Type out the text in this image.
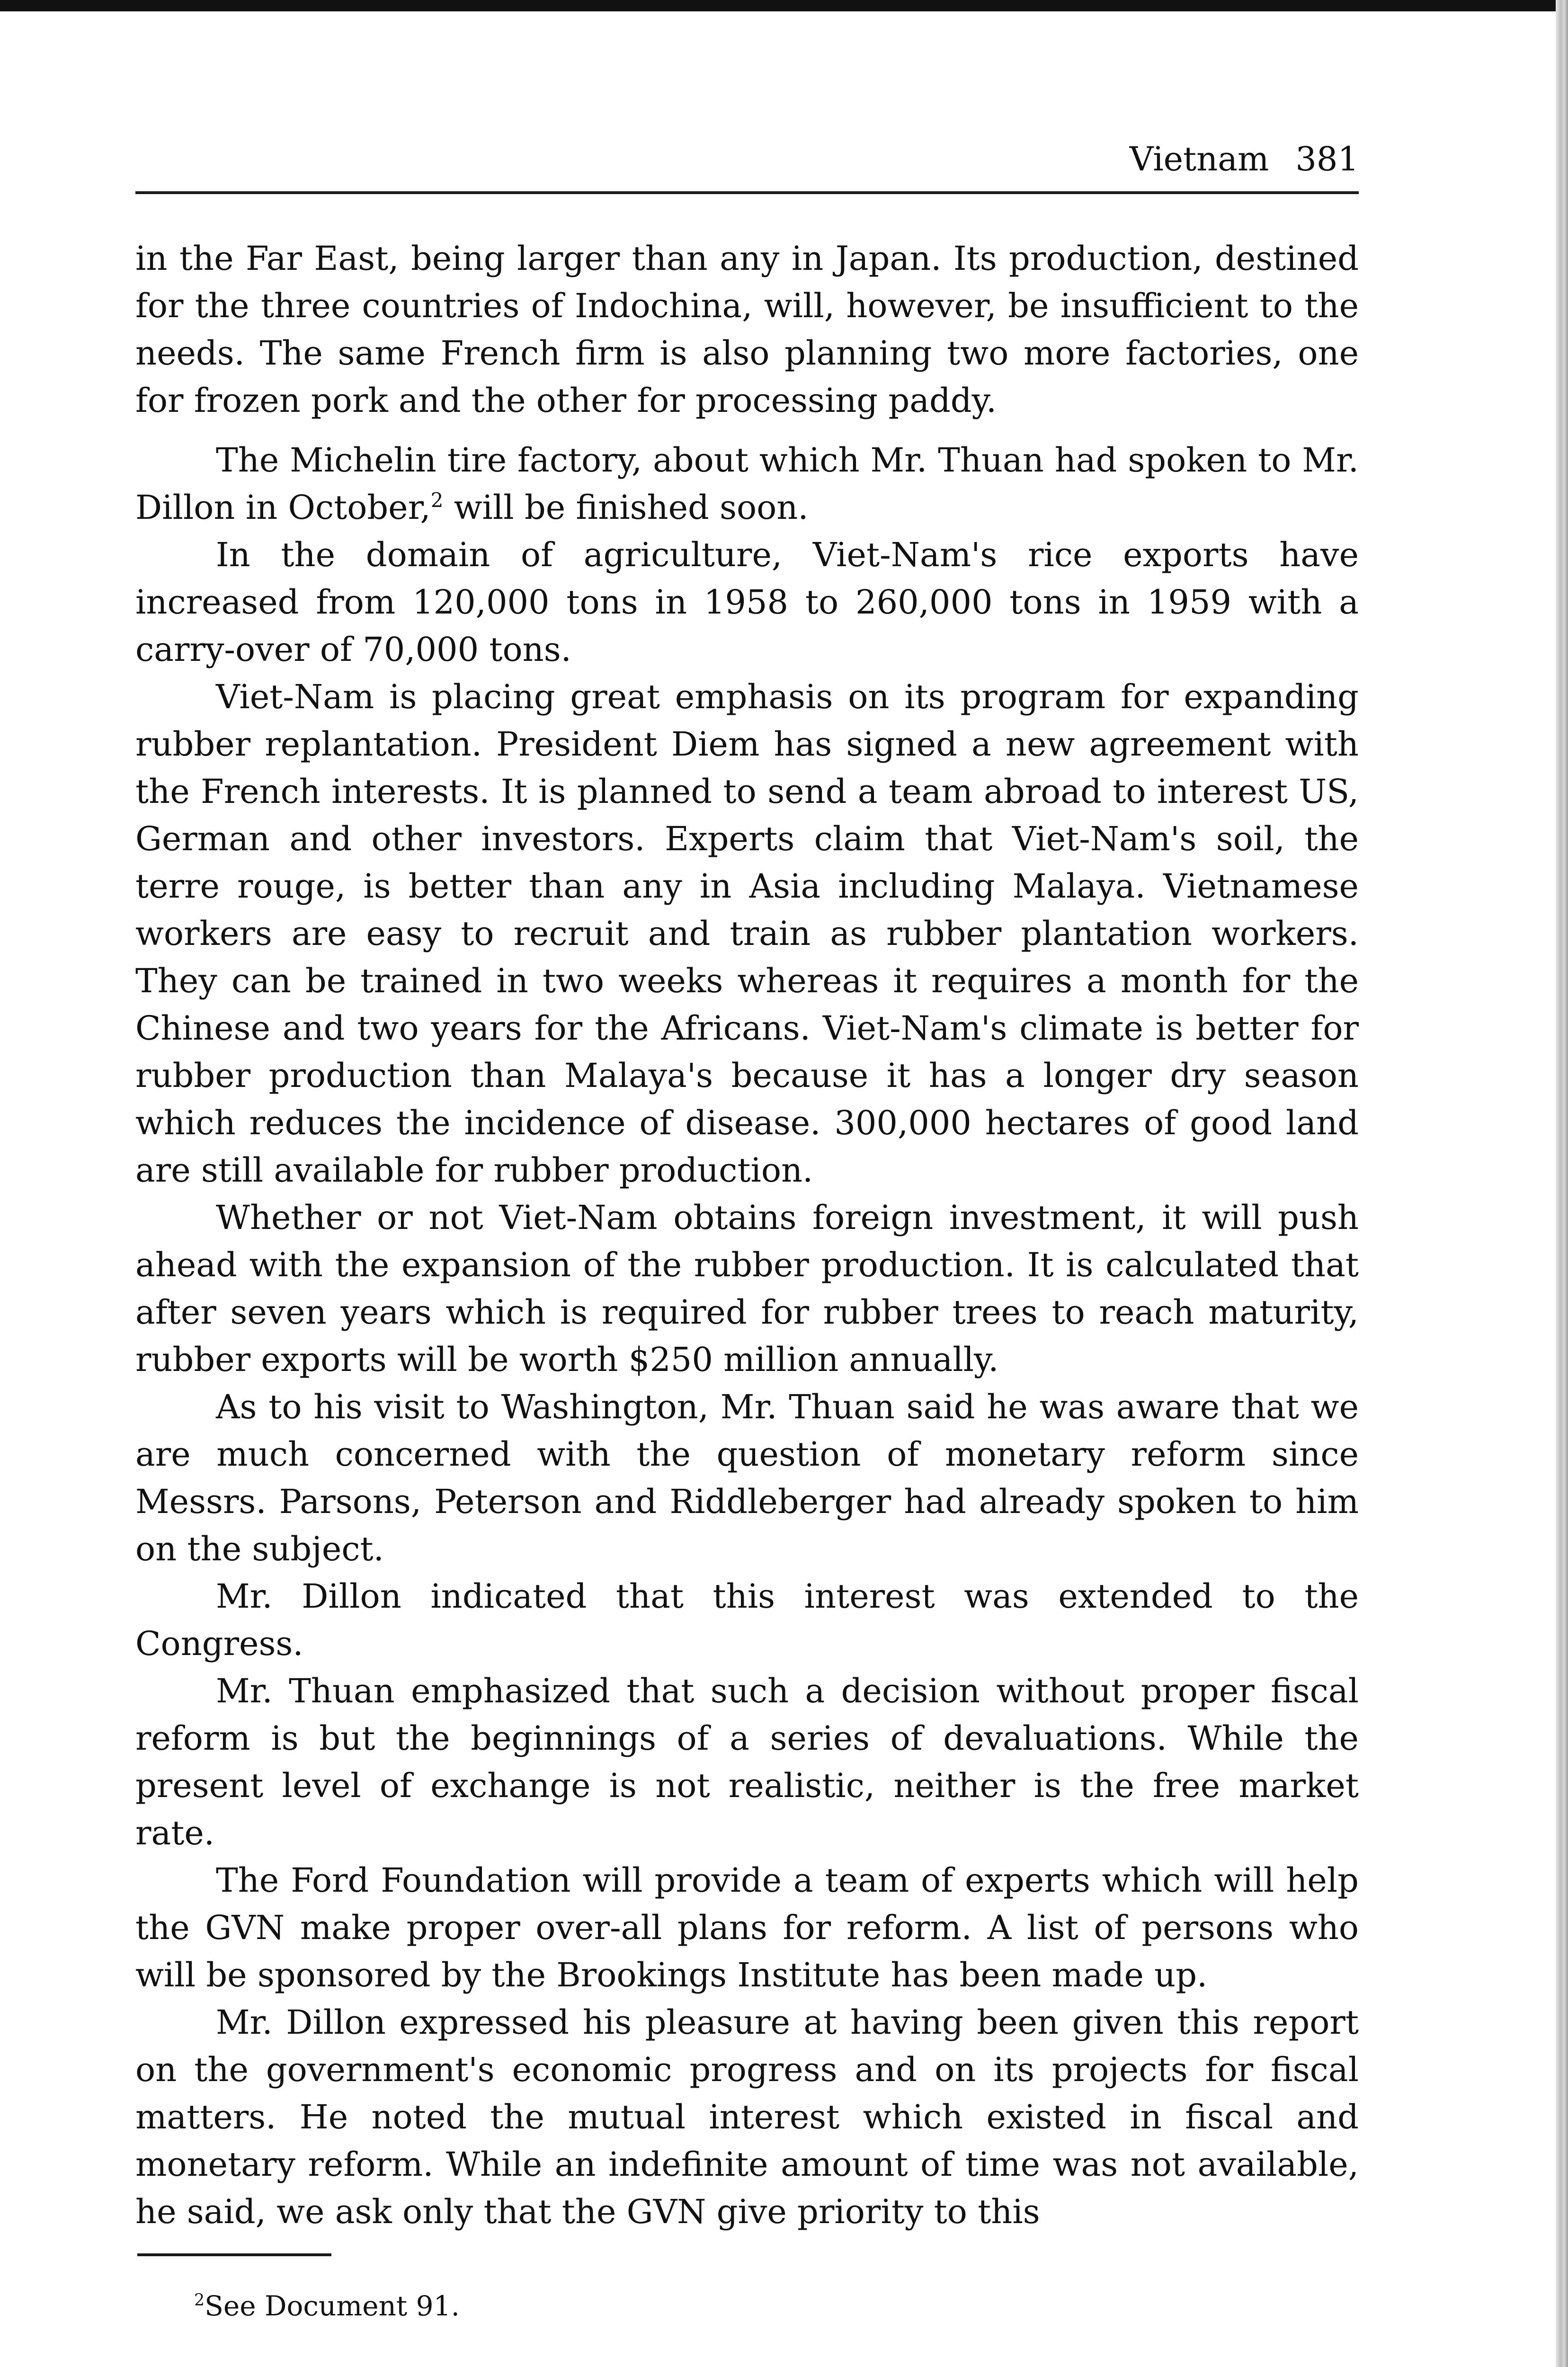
Vietnam 381

in the Far East, being larger than any in Japan. Its production, destined for the three countries of Indochina, will, however, be insufficient to the needs. The same French firm is also planning two more factories, one for frozen pork and the other for processing paddy.

The Michelin tire factory, about which Mr. Thuan had spoken to Mr. Dillon in October,$^2$ will be finished soon.

In the domain of agriculture, Viet-Nam's rice exports have increased from 120,000 tons in 1958 to 260,000 tons in 1959 with a carry-over of 70,000 tons.

Viet-Nam is placing great emphasis on its program for expanding rubber replantation. President Diem has signed a new agreement with the French interests. It is planned to send a team abroad to interest US, German and other investors. Experts claim that Viet-Nam's soil, the terre rouge, is better than any in Asia including Malaya. Vietnamese workers are easy to recruit and train as rubber plantation workers. They can be trained in two weeks whereas it requires a month for the Chinese and two years for the Africans. Viet-Nam's climate is better for rubber production than Malaya's because it has a longer dry season which reduces the incidence of disease. 300,000 hectares of good land are still available for rubber production.

Whether or not Viet-Nam obtains foreign investment, it will push ahead with the expansion of the rubber production. It is calculated that after seven years which is required for rubber trees to reach maturity, rubber exports will be worth $250 million annually.

As to his visit to Washington, Mr. Thuan said he was aware that we are much concerned with the question of monetary reform since Messrs. Parsons, Peterson and Riddleberger had already spoken to him on the subject.

Mr. Dillon indicated that this interest was extended to the Congress.

Mr. Thuan emphasized that such a decision without proper fiscal reform is but the beginnings of a series of devaluations. While the present level of exchange is not realistic, neither is the free market rate.

The Ford Foundation will provide a team of experts which will help the GVN make proper over-all plans for reform. A list of persons who will be sponsored by the Brookings Institute has been made up.

Mr. Dillon expressed his pleasure at having been given this report on the government's economic progress and on its projects for fiscal matters. He noted the mutual interest which existed in fiscal and monetary reform. While an indefinite amount of time was not available, he said, we ask only that the GVN give priority to this

$^2$See Document 91.
